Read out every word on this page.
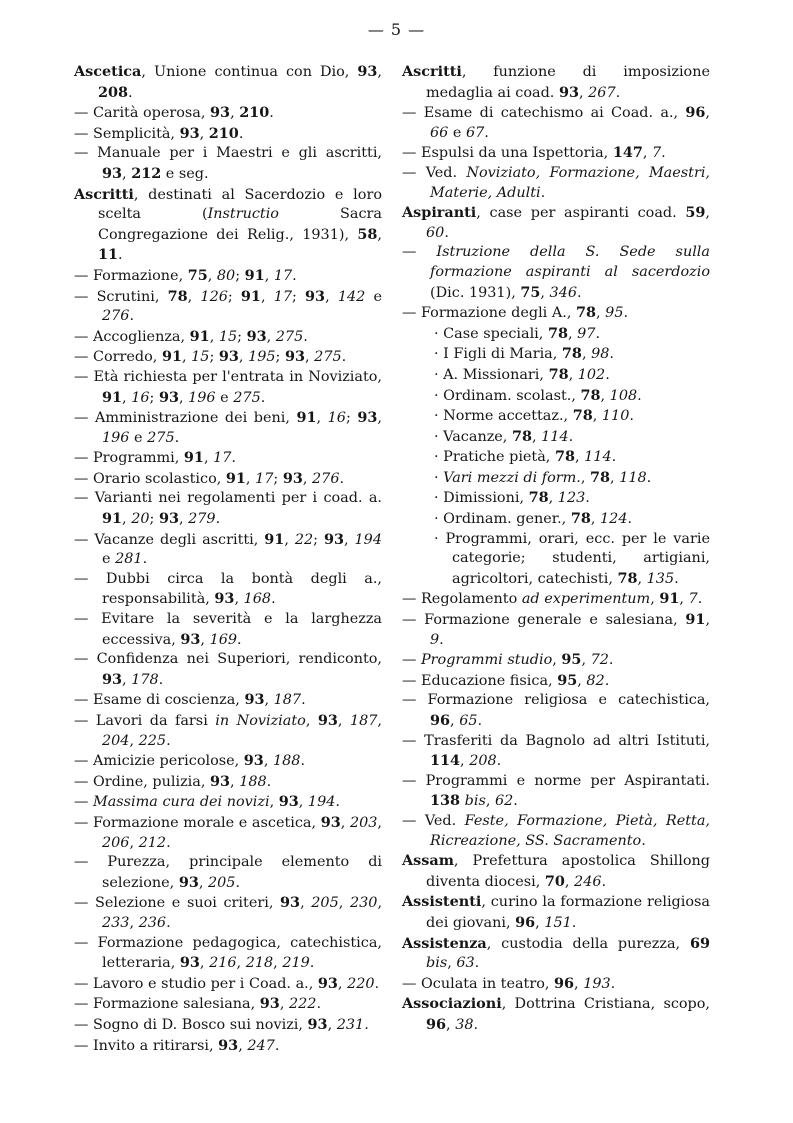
— 5 —

Ascetica, Unione continua con Dio, 93, 208.

— Carità operosa, 93, 210.

— Semplicità, 93, 210.

— Manuale per i Maestri e gli ascritti, 93, 212 e seg.

Ascritti, destinati al Sacerdozio e loro scelta (Instructio Sacra Congregazione dei Relig., 1931), 58, 11.

— Formazione, 75, 80; 91, 17.

— Scrutini, 78, 126; 91, 17; 93, 142 e 276.

— Accoglienza, 91, 15; 93, 275.

— Corredo, 91, 15; 93, 195; 93, 275.

— Età richiesta per l'entrata in Noviziato, 91, 16; 93, 196 e 275.

— Amministrazione dei beni, 91, 16; 93, 196 e 275.

— Programmi, 91, 17.

— Orario scolastico, 91, 17; 93, 276.

— Varianti nei regolamenti per i coad. a. 91, 20; 93, 279.

— Vacanze degli ascritti, 91, 22; 93, 194 e 281.

— Dubbi circa la bontà degli a., responsabilità, 93, 168.

— Evitare la severità e la larghezza eccessiva, 93, 169.

— Confidenza nei Superiori, rendiconto, 93, 178.

— Esame di coscienza, 93, 187.

— Lavori da farsi in Noviziato, 93, 187, 204, 225.

— Amicizie pericolose, 93, 188.

— Ordine, pulizia, 93, 188.

— Massima cura dei novizi, 93, 194.

— Formazione morale e ascetica, 93, 203, 206, 212.

— Purezza, principale elemento di selezione, 93, 205.

— Selezione e suoi criteri, 93, 205, 230, 233, 236.

— Formazione pedagogica, catechistica, letteraria, 93, 216, 218, 219.

— Lavoro e studio per i Coad. a., 93, 220.

— Formazione salesiana, 93, 222.

— Sogno di D. Bosco sui novizi, 93, 231.

— Invito a ritirarsi, 93, 247.

Ascritti, funzione di imposizione medaglia ai coad. 93, 267.

— Esame di catechismo ai Coad. a., 96, 66 e 67.

— Espulsi da una Ispettoria, 147, 7.

— Ved. Noviziato, Formazione, Maestri, Materie, Adulti.

Aspiranti, case per aspiranti coad. 59, 60.

— Istruzione della S. Sede sulla formazione aspiranti al sacerdozio (Dic. 1931), 75, 346.

— Formazione degli A., 78, 95.

· Case speciali, 78, 97.

· I Figli di Maria, 78, 98.

· A. Missionari, 78, 102.

· Ordinam. scolast., 78, 108.

· Norme accettaz., 78, 110.

· Vacanze, 78, 114.

· Pratiche pietà, 78, 114.

· Vari mezzi di form., 78, 118.

· Dimissioni, 78, 123.

· Ordinam. gener., 78, 124.

· Programmi, orari, ecc. per le varie categorie; studenti, artigiani, agricoltori, catechisti, 78, 135.

— Regolamento ad experimentum, 91, 7.

— Formazione generale e salesiana, 91, 9.

— Programmi studio, 95, 72.

— Educazione fisica, 95, 82.

— Formazione religiosa e catechistica, 96, 65.

— Trasferiti da Bagnolo ad altri Istituti, 114, 208.

— Programmi e norme per Aspirantati. 138 bis, 62.

— Ved. Feste, Formazione, Pietà, Retta, Ricreazione, SS. Sacramento.

Assam, Prefettura apostolica Shillong diventa diocesi, 70, 246.

Assistenti, curino la formazione religiosa dei giovani, 96, 151.

Assistenza, custodia della purezza, 69 bis, 63.

— Oculata in teatro, 96, 193.

Associazioni, Dottrina Cristiana, scopo, 96, 38.
